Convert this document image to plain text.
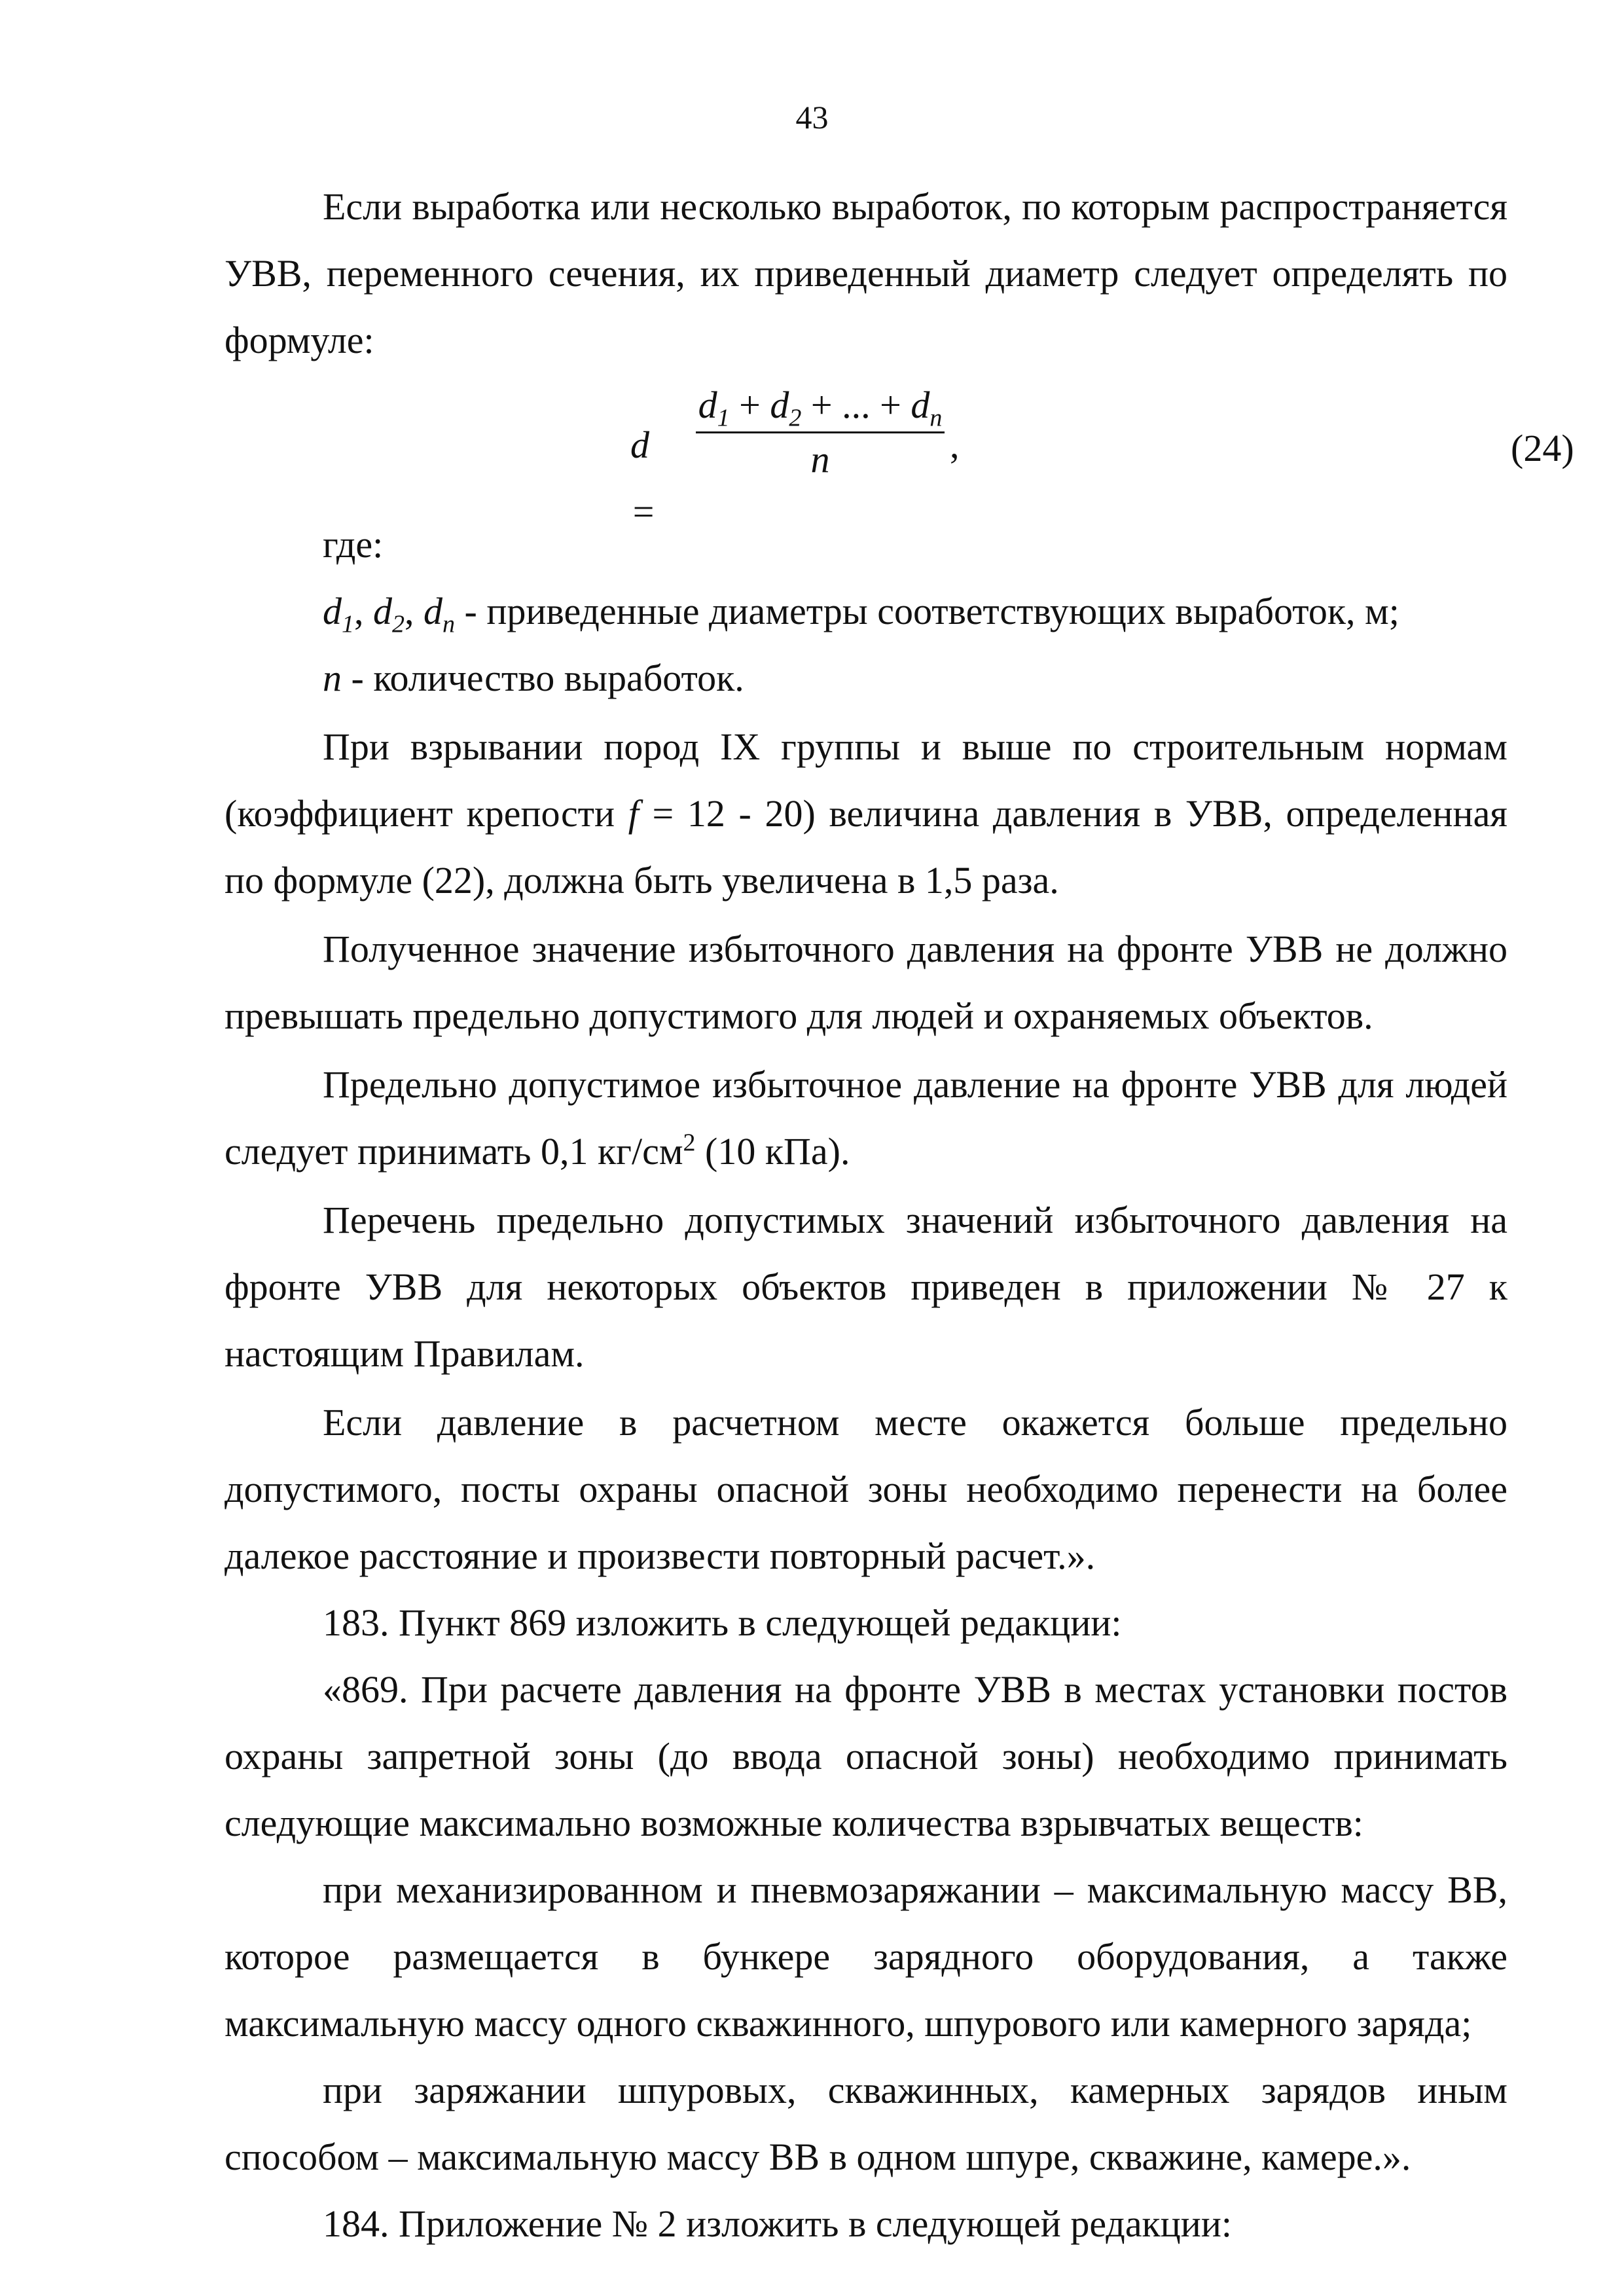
43

Если выработка или несколько выработок, по которым распространяется УВВ, переменного сечения, их приведенный диаметр следует определять по формуле:

d =
$\frac{d_1 + d_2 + ... + d_n}{n}$ ,	(24)

где:

$d_1$, $d_2$, $d_n$ - приведенные диаметры соответствующих выработок, м;

n - количество выработок.

При взрывании пород IX группы и выше по строительным нормам (коэффициент крепости f = 12 - 20) величина давления в УВВ, определенная по формуле (22), должна быть увеличена в 1,5 раза.

Полученное значение избыточного давления на фронте УВВ не должно превышать предельно допустимого для людей и охраняемых объектов.

Предельно допустимое избыточное давление на фронте УВВ для людей следует принимать 0,1 $кг/см^2$ (10 кПа).

Перечень предельно допустимых значений избыточного давления на фронте УВВ для некоторых объектов приведен в приложении № 27 к настоящим Правилам.

Если давление в расчетном месте окажется больше предельно допустимого, посты охраны опасной зоны необходимо перенести на более далекое расстояние и произвести повторный расчет.».

183. Пункт 869 изложить в следующей редакции:

«869. При расчете давления на фронте УВВ в местах установки постов охраны запретной зоны (до ввода опасной зоны) необходимо принимать следующие максимально возможные количества взрывчатых веществ:

при механизированном и пневмозаряжании – максимальную массу ВВ, которое размещается в бункере зарядного оборудования, а также максимальную массу одного скважинного, шпурового или камерного заряда;

при заряжании шпуровых, скважинных, камерных зарядов иным способом – максимальную массу ВВ в одном шпуре, скважине, камере.».

184. Приложение № 2 изложить в следующей редакции:
